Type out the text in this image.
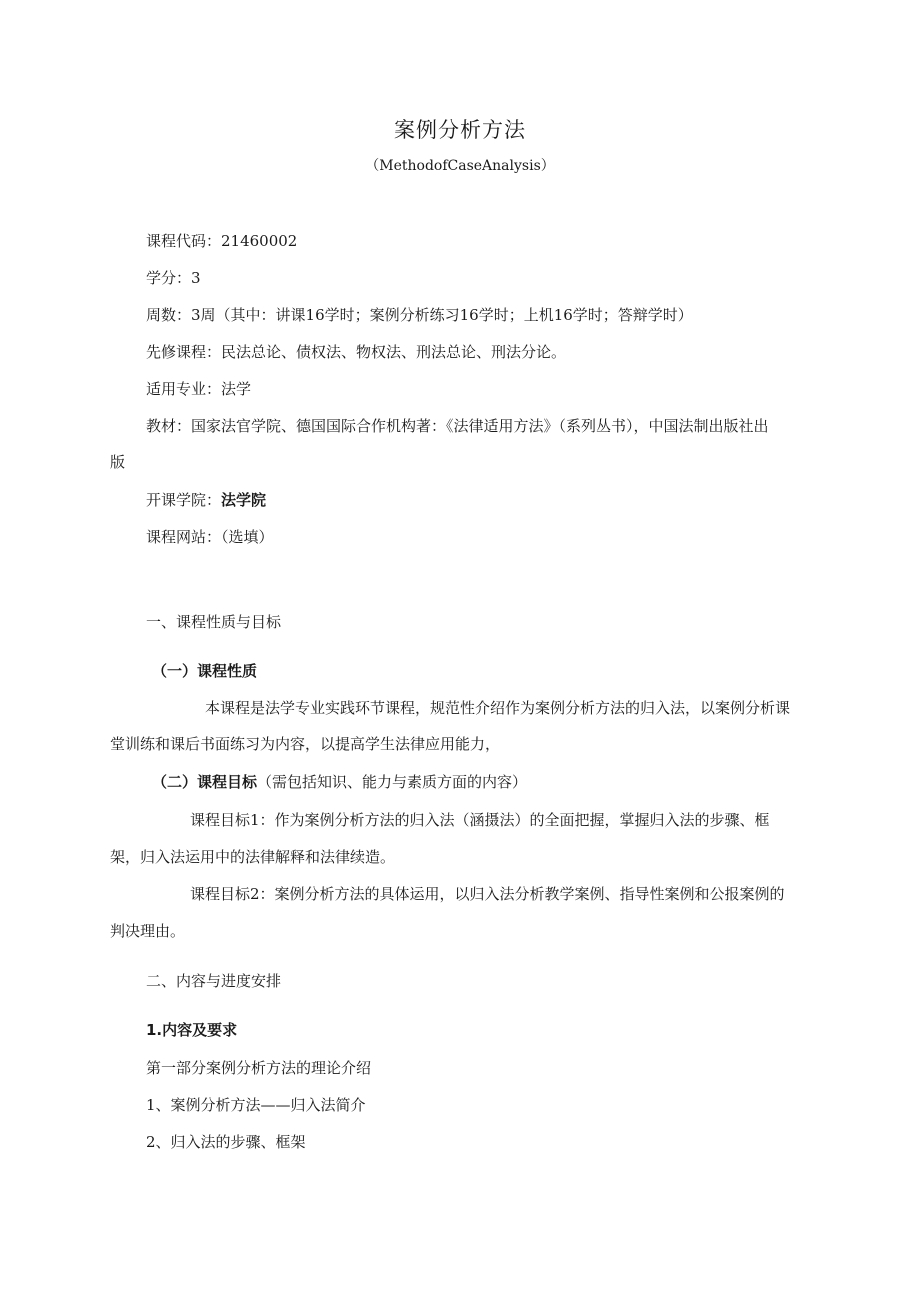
案例分析方法
（MethodofCaseAnalysis）
课程代码：21460002
学分：3
周数：3周（其中：讲课16学时；案例分析练习16学时；上机16学时；答辩学时）
先修课程：民法总论、债权法、物权法、刑法总论、刑法分论。
适用专业：法学
教材：国家法官学院、德国国际合作机构著：《法律适用方法》（系列丛书），中国法制出版社出
版
开课学院：法学院
课程网站：（选填）
一、课程性质与目标
（一）课程性质
本课程是法学专业实践环节课程，规范性介绍作为案例分析方法的归入法，以案例分析课
堂训练和课后书面练习为内容，以提高学生法律应用能力，
（二）课程目标（需包括知识、能力与素质方面的内容）
课程目标1：作为案例分析方法的归入法（涵摄法）的全面把握，掌握归入法的步骤、框
架，归入法运用中的法律解释和法律续造。
课程目标2：案例分析方法的具体运用，以归入法分析教学案例、指导性案例和公报案例的
判决理由。
二、内容与进度安排
1.内容及要求
第一部分案例分析方法的理论介绍
1、案例分析方法——归入法简介
2、归入法的步骤、框架
